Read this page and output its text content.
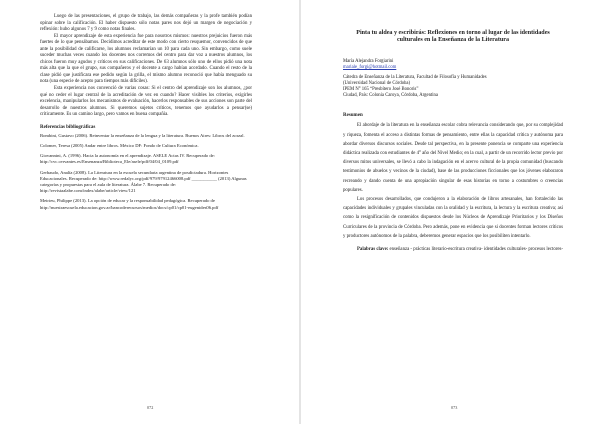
Luego de las presentaciones, el grupo de trabajo, las demás compañeras y la profe también podían opinar sobre la calificación. El haber dispuesto sólo notas pares nos dejó un margen de negociación y reflexión: hubo algunos 7 y 9 como notas finales.

El mayor aprendizaje de esta experiencia fue para nosotros mismos: nuestros prejuicios fueron más fuertes de lo que pensábamos. Decidimos acreditar de este modo con cierto resquemor, convencidos de que ante la posibilidad de calificarse, los alumnos reclamarían un 10 para cada uno. Sin embargo, como suele suceder muchas veces cuando los docentes nos corremos del centro para dar voz a nuestros alumnos, los chicos fueron muy agudos y críticos en sus calificaciones. De 63 alumnos sólo uno de ellos pidió una nota más alta que la que el grupo, sus compañeros y el docente a cargo habían acordado. Cuando el resto de la clase pidió que justificara ese pedido según la grilla, el mismo alumno reconoció que había menguado su nota (una especie de acepto para tiempos más difíciles).

Esta experiencia nos convenció de varias cosas: Si el centro del aprendizaje son los alumnos, ¿por qué no ceder el lugar central de la acreditación de vez en cuando? Hacer visibles los criterios, exigirles excelencia, manipularlos los mecanismos de evaluación, hacerlos responsables de sus acciones son parte del desarrollo de nuestros alumnos. Si queremos sujetos críticos, tenemos que ayudarlos a pensar(se) críticamente. Es un camino largo, pero vamos en buena compañía.

Referencias bibliográficas

Bombini, Gustavo (2006). Reinventar la enseñanza de la lengua y la literatura. Buenos Aires: Libros del zorzal.

Colomer, Teresa (2005) Andar entre libros. México DF: Fondo de Cultura Económica.

Giovannini, A. (1996). Hacia la autonomía en el aprendizaje. ASELE Actas IV. Recuperado de: http://cvc.cervantes.es/Ensenanza/Biblioteca_Ele/asele/pdf/04/04_0109.pdf

Gerbaudo, Analía (2008). La Literatura en la escuela secundaria argentina de posdictadura. Horizontes Educacionales. Recuperado de: http://www.redalyc.org/pdf/979/97912466008.pdf ___________ (2013) Algunas categorías y propuestas para el aula de literatura. Álabe 7. Recuperado de: http://revistaalabe.com/index/alabe/article/view/121

Meirieu, Philippe (2013). La opción de educar y la responsabilidad pedagógica. Recuperado de http://nuestraescuela.educacion.gov.ar/bancoderecursos/medios/docs/cp01/cp01-eugenides06.pdf

072

Pinta tu aldea y escribirás: Reflexiones en torno al lugar de las identidades culturales en la Enseñanza de la Literatura

María Alejandra Forgiarini

mariale_forgi@hotmail.com

Cátedra de Enseñanza de la Literatura, Facultad de Filosofía y Humanidades

(Universidad Nacional de Córdoba)

IPEM N° 165 “Presbítero José Bonoris”

Ciudad, País: Colonia Caroya, Córdoba, Argentina

Resumen

El abordaje de la literatura en la enseñanza escolar cobra relevancia considerando que, por su complejidad y riqueza, fomenta el acceso a distintas formas de pensamiento, entre ellas la capacidad crítica y autónoma para abordar diversos discursos sociales. Desde tal perspectiva, en la presente ponencia se comparte una experiencia didáctica realizada con estudiantes de 4° año del Nivel Medio; en la cual, a partir de un recorrido lector previo por diversos mitos universales, se llevó a cabo la indagación en el acervo cultural de la propia comunidad (buscando testimonios de abuelos y vecinos de la ciudad), base de las producciones ficcionales que los jóvenes elaboraron recreando y dando cuenta de una apropiación singular de esas historias en torno a costumbres o creencias populares.

Los procesos desarrollados, que condujeron a la elaboración de libros artesanales, han fortalecido las capacidades individuales y grupales vinculadas con la oralidad y la escritura, la lectura y la escritura creativa; así como la resignificación de contenidos dispuestos desde los Núcleos de Aprendizaje Prioritarios y los Diseños Curriculares de la provincia de Córdoba. Pero además, pone en evidencia que si docentes forman lectores críticos y productores autónomos de la palabra, deberemos generar espacios que los posibiliten intentarlo.

Palabras clave: enseñanza - prácticas literario-escritura creativa- identidades culturales- procesos lectores-

073
